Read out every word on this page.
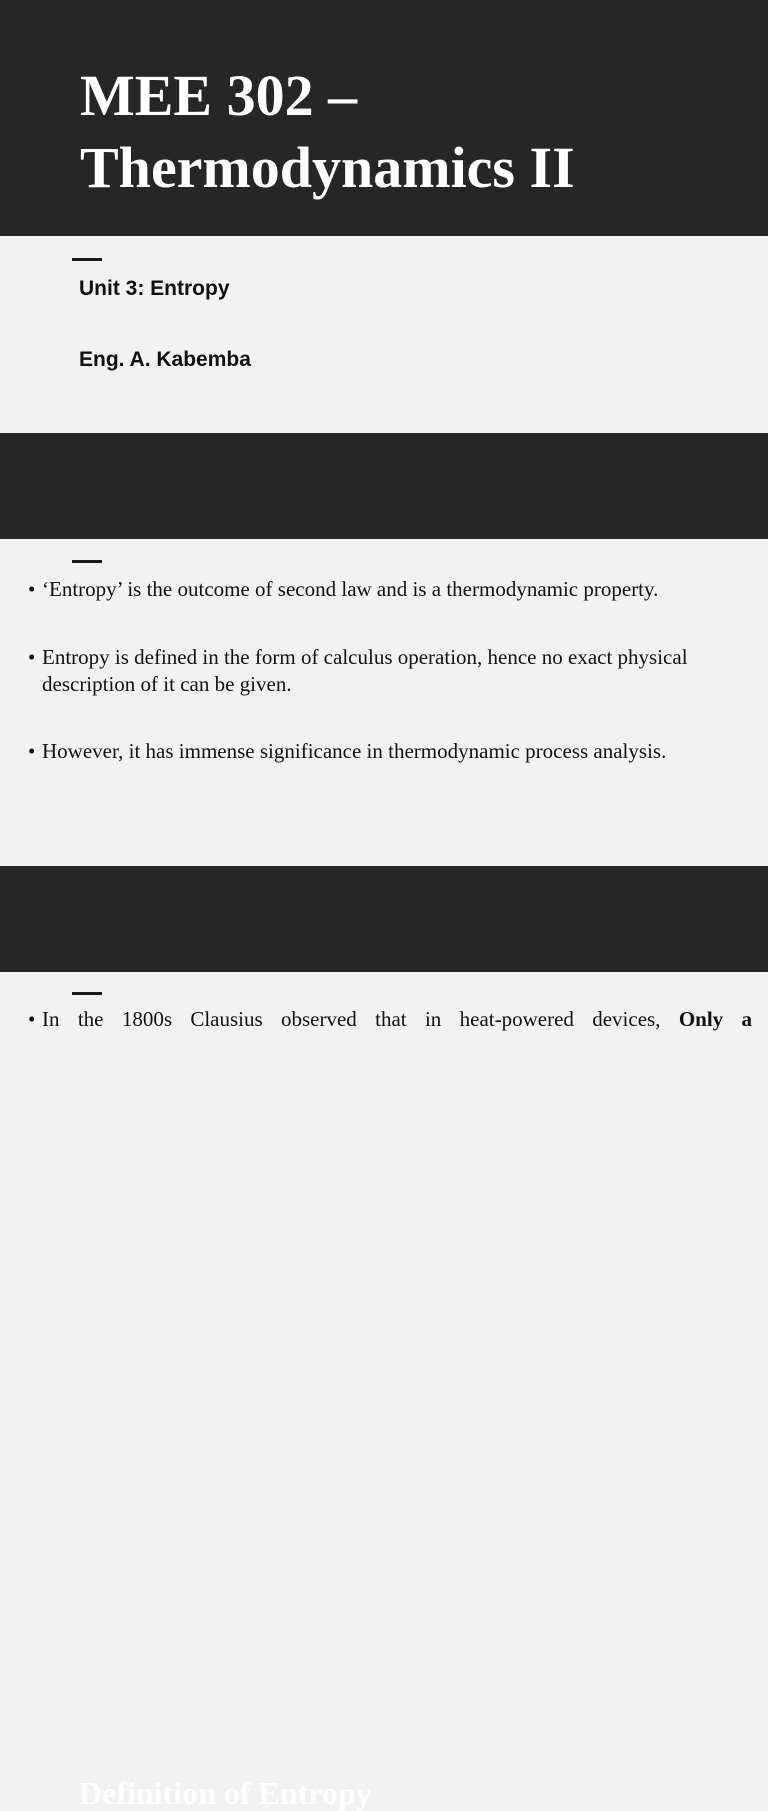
MEE 302 –
Thermodynamics II
Unit 3: Entropy
Eng. A. Kabemba
• ‘Entropy’ is the outcome of second law and is a thermodynamic property.
• Entropy is defined in the form of calculus operation, hence no exact physical description of it can be given.
• However, it has immense significance in thermodynamic process analysis.
Definition of Entropy
• In the 1800s Clausius observed that in heat-powered devices, Only a
